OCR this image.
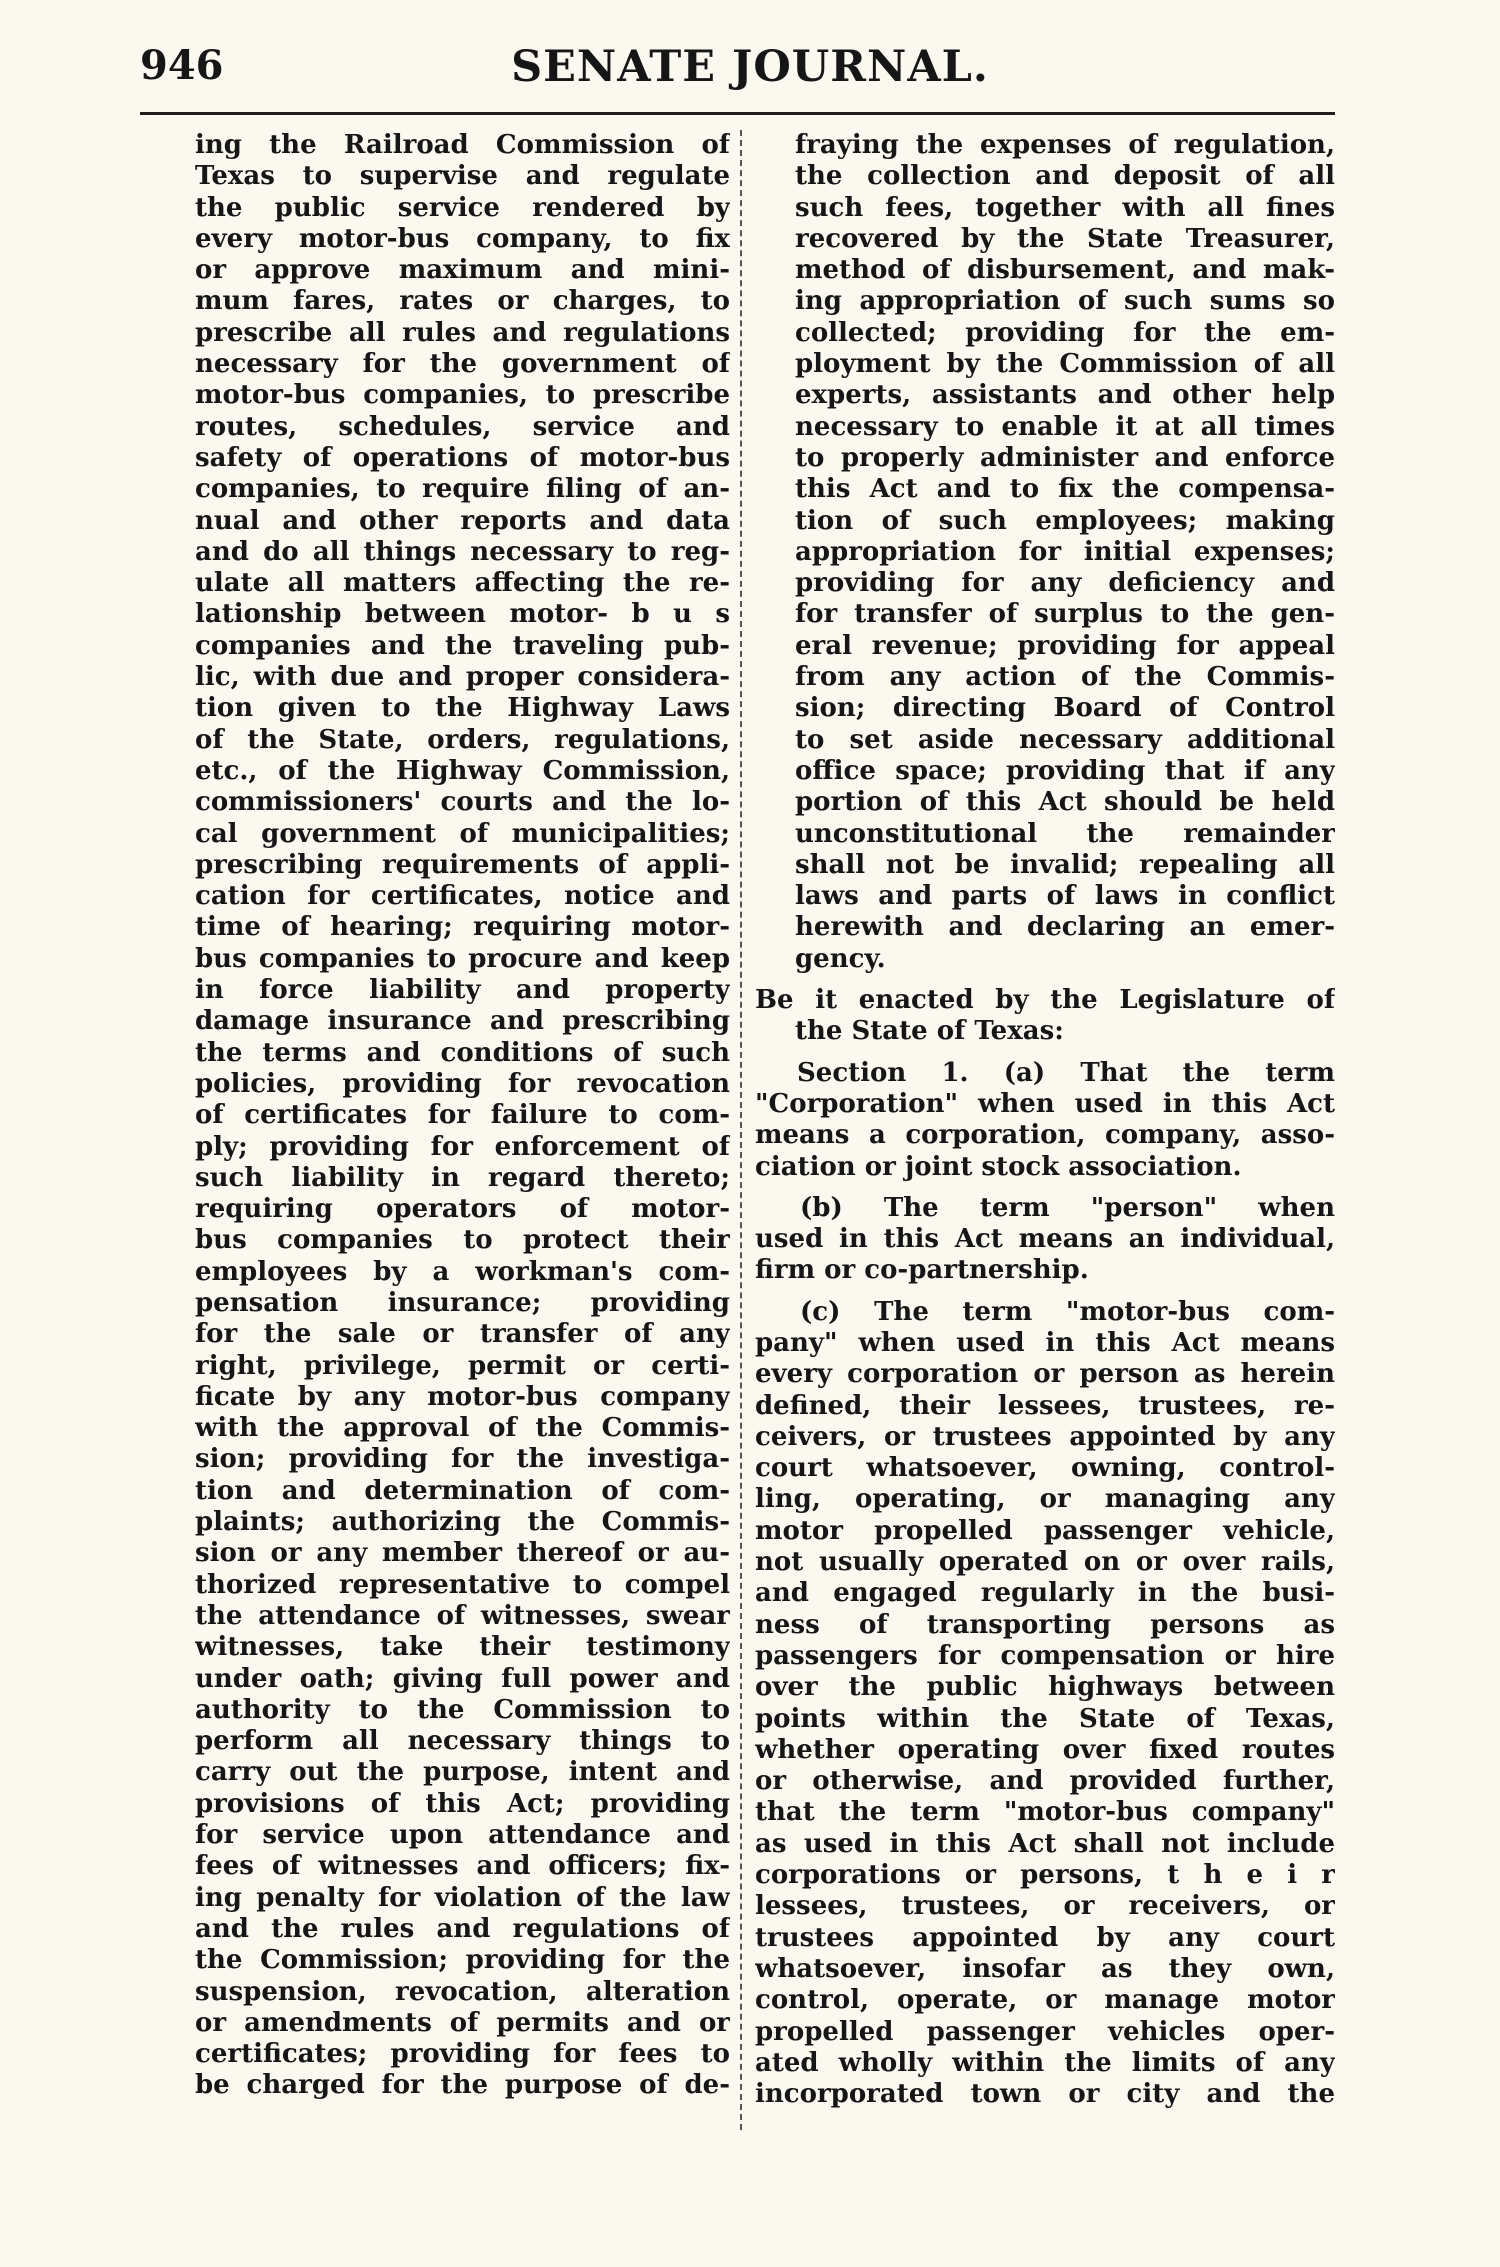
946	SENATE JOURNAL.
ing the Railroad Commission of
Texas to supervise and regulate
the public service rendered by
every motor-bus company, to fix
or approve maximum and mini-
mum fares, rates or charges, to
prescribe all rules and regulations
necessary for the government of
motor-bus companies, to prescribe
routes, schedules, service and
safety of operations of motor-bus
companies, to require filing of an-
nual and other reports and data
and do all things necessary to reg-
ulate all matters affecting the re-
lationship between motor- b u s
companies and the traveling pub-
lic, with due and proper considera-
tion given to the Highway Laws
of the State, orders, regulations,
etc., of the Highway Commission,
commissioners' courts and the lo-
cal government of municipalities;
prescribing requirements of appli-
cation for certificates, notice and
time of hearing; requiring motor-
bus companies to procure and keep
in force liability and property
damage insurance and prescribing
the terms and conditions of such
policies, providing for revocation
of certificates for failure to com-
ply; providing for enforcement of
such liability in regard thereto;
requiring operators of motor-
bus companies to protect their
employees by a workman's com-
pensation insurance; providing
for the sale or transfer of any
right, privilege, permit or certi-
ficate by any motor-bus company
with the approval of the Commis-
sion; providing for the investiga-
tion and determination of com-
plaints; authorizing the Commis-
sion or any member thereof or au-
thorized representative to compel
the attendance of witnesses, swear
witnesses, take their testimony
under oath; giving full power and
authority to the Commission to
perform all necessary things to
carry out the purpose, intent and
provisions of this Act; providing
for service upon attendance and
fees of witnesses and officers; fix-
ing penalty for violation of the law
and the rules and regulations of
the Commission; providing for the
suspension, revocation, alteration
or amendments of permits and or
certificates; providing for fees to
be charged for the purpose of de-
fraying the expenses of regulation,
the collection and deposit of all
such fees, together with all fines
recovered by the State Treasurer,
method of disbursement, and mak-
ing appropriation of such sums so
collected; providing for the em-
ployment by the Commission of all
experts, assistants and other help
necessary to enable it at all times
to properly administer and enforce
this Act and to fix the compensa-
tion of such employees; making
appropriation for initial expenses;
providing for any deficiency and
for transfer of surplus to the gen-
eral revenue; providing for appeal
from any action of the Commis-
sion; directing Board of Control
to set aside necessary additional
office space; providing that if any
portion of this Act should be held
unconstitutional the remainder
shall not be invalid; repealing all
laws and parts of laws in conflict
herewith and declaring an emer-
gency.
Be it enacted by the Legislature of
the State of Texas:
Section 1. (a) That the term
"Corporation" when used in this Act
means a corporation, company, asso-
ciation or joint stock association.
(b) The term "person" when
used in this Act means an individual,
firm or co-partnership.
(c) The term "motor-bus com-
pany" when used in this Act means
every corporation or person as herein
defined, their lessees, trustees, re-
ceivers, or trustees appointed by any
court whatsoever, owning, control-
ling, operating, or managing any
motor propelled passenger vehicle,
not usually operated on or over rails,
and engaged regularly in the busi-
ness of transporting persons as
passengers for compensation or hire
over the public highways between
points within the State of Texas,
whether operating over fixed routes
or otherwise, and provided further,
that the term "motor-bus company"
as used in this Act shall not include
corporations or persons, t h e i r
lessees, trustees, or receivers, or
trustees appointed by any court
whatsoever, insofar as they own,
control, operate, or manage motor
propelled passenger vehicles oper-
ated wholly within the limits of any
incorporated town or city and the
